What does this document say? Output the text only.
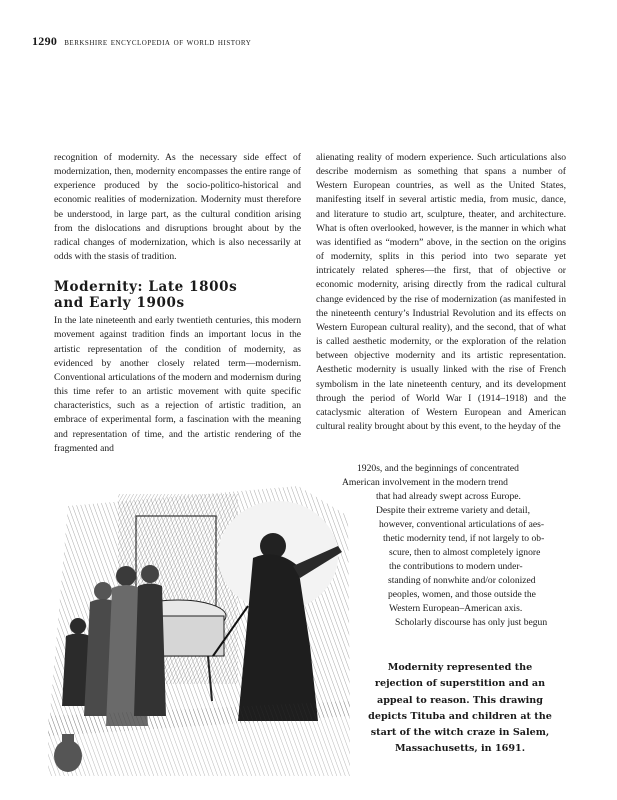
1290 berkshire encyclopedia of world history

recognition of modernity. As the necessary side effect of modernization, then, modernity encompasses the entire range of experience produced by the socio-politico-historical and economic realities of modernization. Modernity must therefore be understood, in large part, as the cultural condition arising from the dislocations and disruptions brought about by the radical changes of modernization, which is also necessarily at odds with the stasis of tradition.

Modernity: Late 1800s
and Early 1900s

In the late nineteenth and early twentieth centuries, this modern movement against tradition finds an important locus in the artistic representation of the condition of modernity, as evidenced by another closely related term—modernism. Conventional articulations of the modern and modernism during this time refer to an artistic movement with quite specific characteristics, such as a rejection of artistic tradition, an embrace of experimental form, a fascination with the meaning and representation of time, and the artistic rendering of the fragmented and

alienating reality of modern experience. Such articulations also describe modernism as something that spans a number of Western European countries, as well as the United States, manifesting itself in several artistic media, from music, dance, and literature to studio art, sculpture, theater, and architecture. What is often overlooked, however, is the manner in which what was identified as “modern” above, in the section on the origins of modernity, splits in this period into two separate yet intricately related spheres—the first, that of objective or economic modernity, arising directly from the radical cultural change evidenced by the rise of modernization (as manifested in the nineteenth century’s Industrial Revolution and its effects on Western European cultural reality), and the second, that of what is called aesthetic modernity, or the exploration of the relation between objective modernity and its artistic representation. Aesthetic modernity is usually linked with the rise of French symbolism in the late nineteenth century, and its development through the period of World War I (1914–1918) and the cataclysmic alteration of Western European and American cultural reality brought about by this event, to the heyday of the

1920s, and the beginnings of concentrated
American involvement in the modern trend
that had already swept across Europe.
Despite their extreme variety and detail,
however, conventional articulations of aes-
thetic modernity tend, if not largely to ob-
scure, then to almost completely ignore
the contributions to modern under-
standing of nonwhite and/or colonized
peoples, women, and those outside the
Western European–American axis.
Scholarly discourse has only just begun
Modernity represented the
rejection of superstition and an
appeal to reason. This drawing
depicts Tituba and children at the
start of the witch craze in Salem,
Massachusetts, in 1691.
